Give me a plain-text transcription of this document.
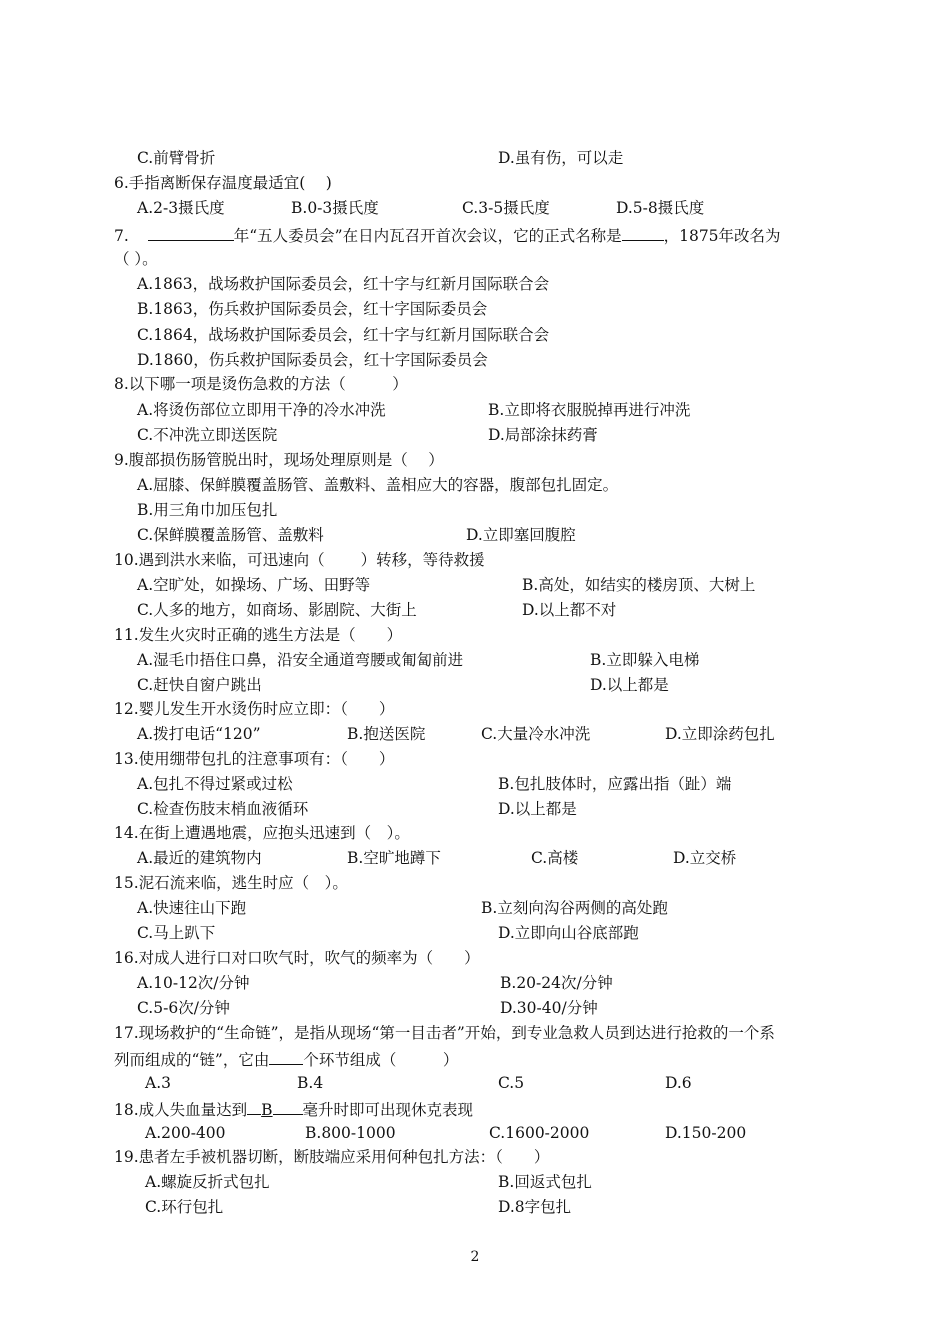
C.前臂骨折	D.虽有伤，可以走
6.手指离断保存温度最适宜(　 )
A.2-3摄氏度	B.0-3摄氏度	C.3-5摄氏度	D.5-8摄氏度
7.	年“五人委员会”在日内瓦召开首次会议，它的正式名称是	，1875年改名为
（ ）。
A.1863，战场救护国际委员会，红十字与红新月国际联合会
B.1863，伤兵救护国际委员会，红十字国际委员会
C.1864，战场救护国际委员会，红十字与红新月国际联合会
D.1860，伤兵救护国际委员会，红十字国际委员会
8.以下哪一项是烫伤急救的方法（　　　）
A.将烫伤部位立即用干净的冷水冲洗	B.立即将衣服脱掉再进行冲洗
C.不冲洗立即送医院	D.局部涂抹药膏
9.腹部损伤肠管脱出时，现场处理原则是（　 ）
A.屈膝、保鲜膜覆盖肠管、盖敷料、盖相应大的容器，腹部包扎固定。
B.用三角巾加压包扎
C.保鲜膜覆盖肠管、盖敷料	D.立即塞回腹腔
10.遇到洪水来临，可迅速向（　　 ）转移，等待救援
A.空旷处，如操场、广场、田野等	B.高处，如结实的楼房顶、大树上
C.人多的地方，如商场、影剧院、大街上	D.以上都不对
11.发生火灾时正确的逃生方法是（　　）
A.湿毛巾捂住口鼻，沿安全通道弯腰或匍匐前进	B.立即躲入电梯
C.赶快自窗户跳出	D.以上都是
12.婴儿发生开水烫伤时应立即：（　　）
A.拨打电话“120”	B.抱送医院	C.大量冷水冲洗	D.立即涂药包扎
13.使用绷带包扎的注意事项有：（　　）
A.包扎不得过紧或过松	B.包扎肢体时，应露出指（趾）端
C.检查伤肢末梢血液循环	D.以上都是
14.在街上遭遇地震，应抱头迅速到（　）。
A.最近的建筑物内	B.空旷地蹲下	C.高楼	D.立交桥
15.泥石流来临，逃生时应（　）。
A.快速往山下跑	B.立刻向沟谷两侧的高处跑
C.马上趴下	D.立即向山谷底部跑
16.对成人进行口对口吹气时，吹气的频率为（　　）
A.10-12次/分钟	B.20-24次/分钟
C.5-6次/分钟	D.30-40/分钟
17.现场救护的“生命链”，是指从现场“第一目击者”开始，到专业急救人员到达进行抢救的一个系
列而组成的“链”，它由 个环节组成（　　　）
A.3	B.4	C.5	D.6
18.成人失血量达到 B 毫升时即可出现休克表现
A.200-400	B.800-1000	C.1600-2000	D.150-200
19.患者左手被机器切断，断肢端应采用何种包扎方法：（　　）
A.螺旋反折式包扎	B.回返式包扎
C.环行包扎	D.8字包扎
2
